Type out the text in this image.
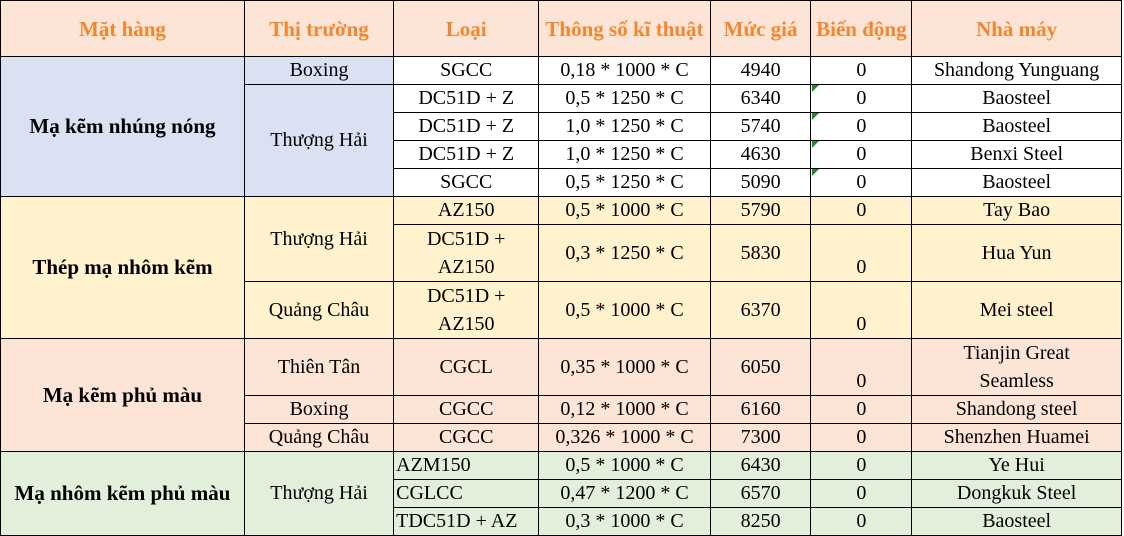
Mặt hàng	Thị trường	Loại	Thông số kĩ thuật	Mức giá	Biến động	Nhà máy
Mạ kẽm nhúng nóng	Boxing	SGCC	0,18 * 1000 * C	4940	0	Shandong Yunguang
	Thượng Hải	DC51D + Z	0,5 * 1250 * C	6340	0	Baosteel
		DC51D + Z	1,0 * 1250 * C	5740	0	Baosteel
		DC51D + Z	1,0 * 1250 * C	4630	0	Benxi Steel
		SGCC	0,5 * 1250 * C	5090	0	Baosteel
Thép mạ nhôm kẽm	Thượng Hải	AZ150	0,5 * 1000 * C	5790	0	Tay Bao
		DC51D +
AZ150	0,3 * 1250 * C	5830	0	Hua Yun

	Quảng Châu	DC51D +
AZ150	0,5 * 1000 * C	6370	0	Mei steel

Mạ kẽm phủ màu	Thiên Tân	CGCL	0,35 * 1000 * C	6050	0	Tianjin Great
Seamless

	Boxing	CGCC	0,12 * 1000 * C	6160	0	Shandong steel
	Quảng Châu	CGCC	0,326 * 1000 * C	7300	0	Shenzhen Huamei
Mạ nhôm kẽm phủ màu	Thượng Hải	AZM150	0,5 * 1000 * C	6430	0	Ye Hui
		CGLCC	0,47 * 1200 * C	6570	0	Dongkuk Steel
		TDC51D + AZ	0,3 * 1000 * C	8250	0	Baosteel
